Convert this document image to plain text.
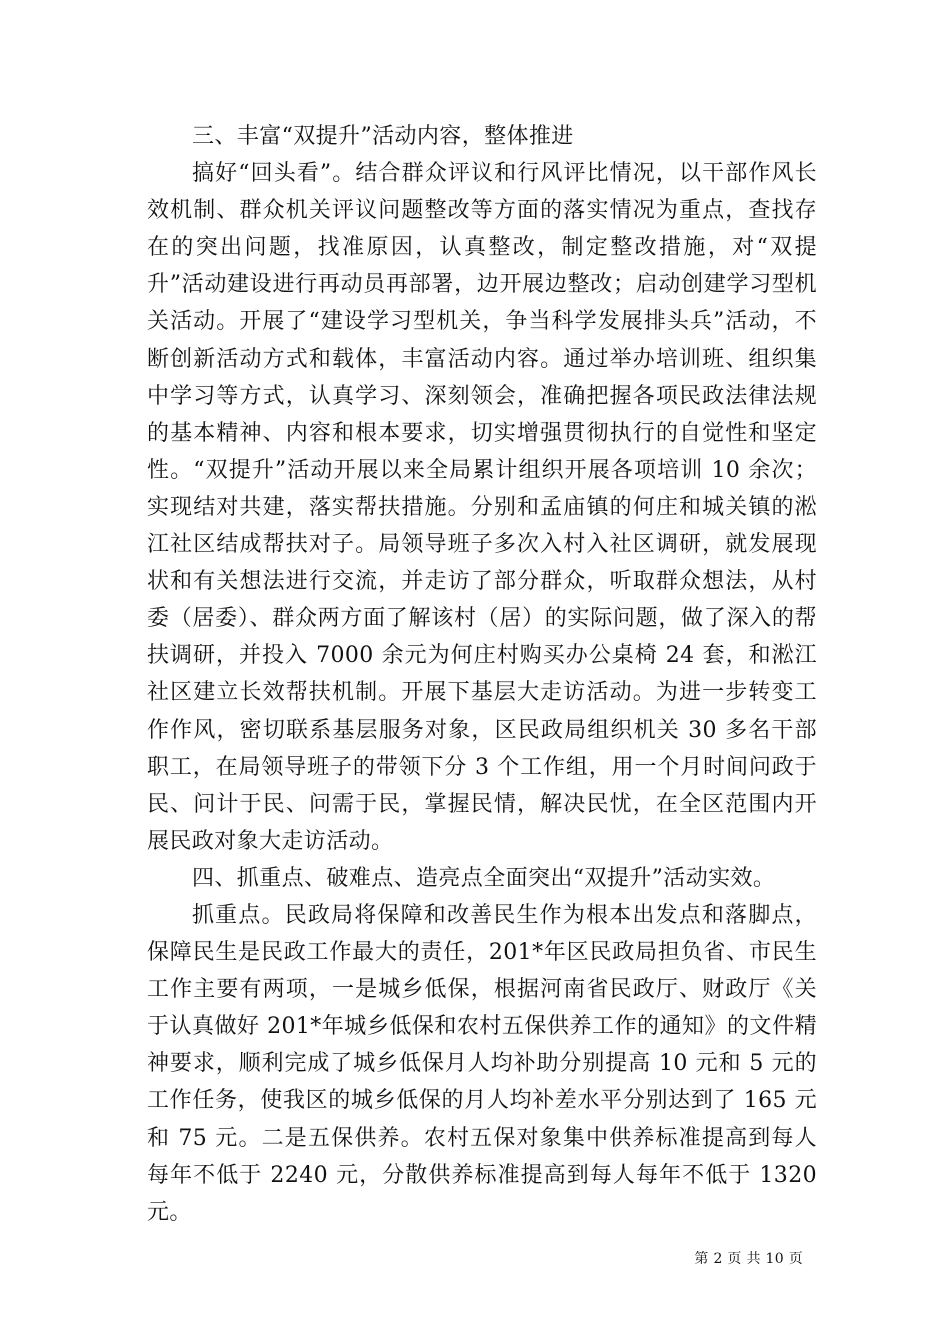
三、丰富“双提升”活动内容，整体推进

搞好“回头看”。结合群众评议和行风评比情况，以干部作风长效机制、群众机关评议问题整改等方面的落实情况为重点，查找存在的突出问题，找准原因，认真整改，制定整改措施，对“双提升”活动建设进行再动员再部署，边开展边整改；启动创建学习型机关活动。开展了“建设学习型机关，争当科学发展排头兵”活动，不断创新活动方式和载体，丰富活动内容。通过举办培训班、组织集中学习等方式，认真学习、深刻领会，准确把握各项民政法律法规的基本精神、内容和根本要求，切实增强贯彻执行的自觉性和坚定性。“双提升”活动开展以来全局累计组织开展各项培训 10 余次；实现结对共建，落实帮扶措施。分别和孟庙镇的何庄和城关镇的淞江社区结成帮扶对子。局领导班子多次入村入社区调研，就发展现状和有关想法进行交流，并走访了部分群众，听取群众想法，从村委（居委）、群众两方面了解该村（居）的实际问题，做了深入的帮扶调研，并投入 7000 余元为何庄村购买办公桌椅 24 套，和淞江社区建立长效帮扶机制。开展下基层大走访活动。为进一步转变工作作风，密切联系基层服务对象，区民政局组织机关 30 多名干部职工，在局领导班子的带领下分 3 个工作组，用一个月时间问政于民、问计于民、问需于民，掌握民情，解决民忧，在全区范围内开展民政对象大走访活动。

四、抓重点、破难点、造亮点全面突出“双提升”活动实效。

抓重点。民政局将保障和改善民生作为根本出发点和落脚点，保障民生是民政工作最大的责任，201*年区民政局担负省、市民生工作主要有两项，一是城乡低保，根据河南省民政厅、财政厅《关于认真做好 201*年城乡低保和农村五保供养工作的通知》的文件精神要求，顺利完成了城乡低保月人均补助分别提高 10 元和 5 元的工作任务，使我区的城乡低保的月人均补差水平分别达到了 165 元和 75 元。二是五保供养。农村五保对象集中供养标准提高到每人每年不低于 2240 元，分散供养标准提高到每人每年不低于 1320 元。

第 2 页 共 10 页
